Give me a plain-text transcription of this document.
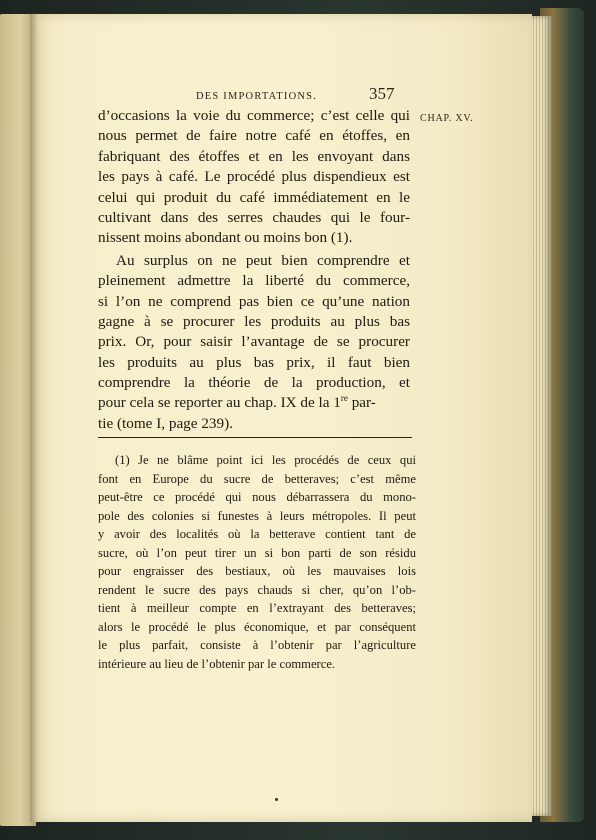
DES IMPORTATIONS.	357
CHAP. XV.
d’occasions la voie du commerce; c’est celle qui
nous permet de faire notre café en étoffes, en
fabriquant des étoffes et en les envoyant dans
les pays à café. Le procédé plus dispendieux est
celui qui produit du café immédiatement en le
cultivant dans des serres chaudes qui le four-
nissent moins abondant ou moins bon (1).
Au surplus on ne peut bien comprendre et
pleinement admettre la liberté du commerce,
si l’on ne comprend pas bien ce qu’une nation
gagne à se procurer les produits au plus bas
prix. Or, pour saisir l’avantage de se procurer
les produits au plus bas prix, il faut bien
comprendre la théorie de la production, et
pour cela se reporter au chap. IX de la 1re par-
tie (tome I, page 239).
(1) Je ne blâme point ici les procédés de ceux qui
font en Europe du sucre de betteraves; c’est même
peut-être ce procédé qui nous débarrassera du mono-
pole des colonies si funestes à leurs métropoles. Il peut
y avoir des localités où la betterave contient tant de
sucre, où l’on peut tirer un si bon parti de son résidu
pour engraisser des bestiaux, où les mauvaises lois
rendent le sucre des pays chauds si cher, qu’on l’ob-
tient à meilleur compte en l’extrayant des betteraves;
alors le procédé le plus économique, et par conséquent
le plus parfait, consiste à l’obtenir par l’agriculture
intérieure au lieu de l’obtenir par le commerce.
